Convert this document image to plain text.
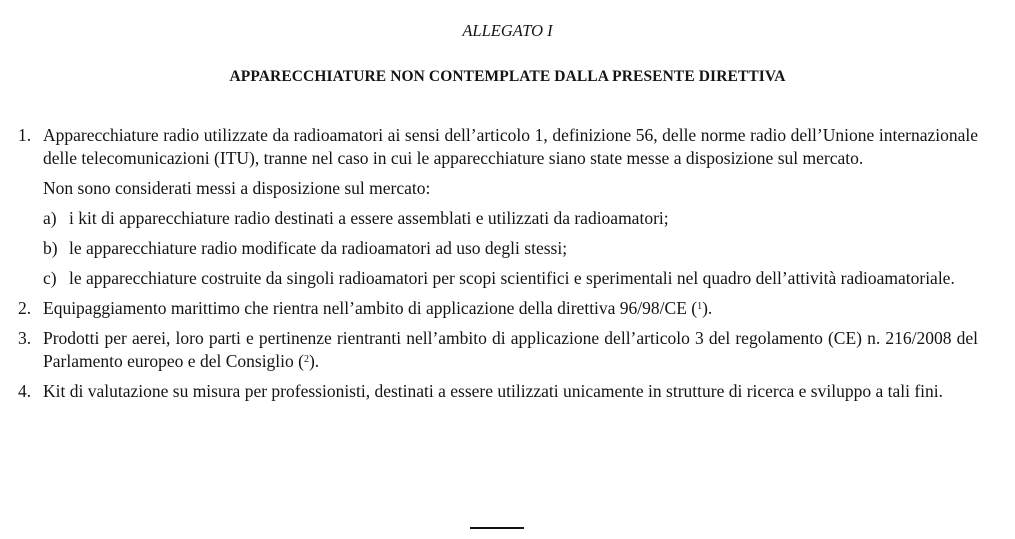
ALLEGATO I
APPARECCHIATURE NON CONTEMPLATE DALLA PRESENTE DIRETTIVA
1. Apparecchiature radio utilizzate da radioamatori ai sensi dell’articolo 1, definizione 56, delle norme radio dell’Unione internazionale delle telecomunicazioni (ITU), tranne nel caso in cui le apparecchiature siano state messe a disposizione sul mercato.
Non sono considerati messi a disposizione sul mercato:
a) i kit di apparecchiature radio destinati a essere assemblati e utilizzati da radioamatori;
b) le apparecchiature radio modificate da radioamatori ad uso degli stessi;
c) le apparecchiature costruite da singoli radioamatori per scopi scientifici e sperimentali nel quadro dell’attività radioamatoriale.
2. Equipaggiamento marittimo che rientra nell’ambito di applicazione della direttiva 96/98/CE ($^1$).
3. Prodotti per aerei, loro parti e pertinenze rientranti nell’ambito di applicazione dell’articolo 3 del regolamento (CE) n. 216/2008 del Parlamento europeo e del Consiglio ($^2$).
4. Kit di valutazione su misura per professionisti, destinati a essere utilizzati unicamente in strutture di ricerca e sviluppo a tali fini.
